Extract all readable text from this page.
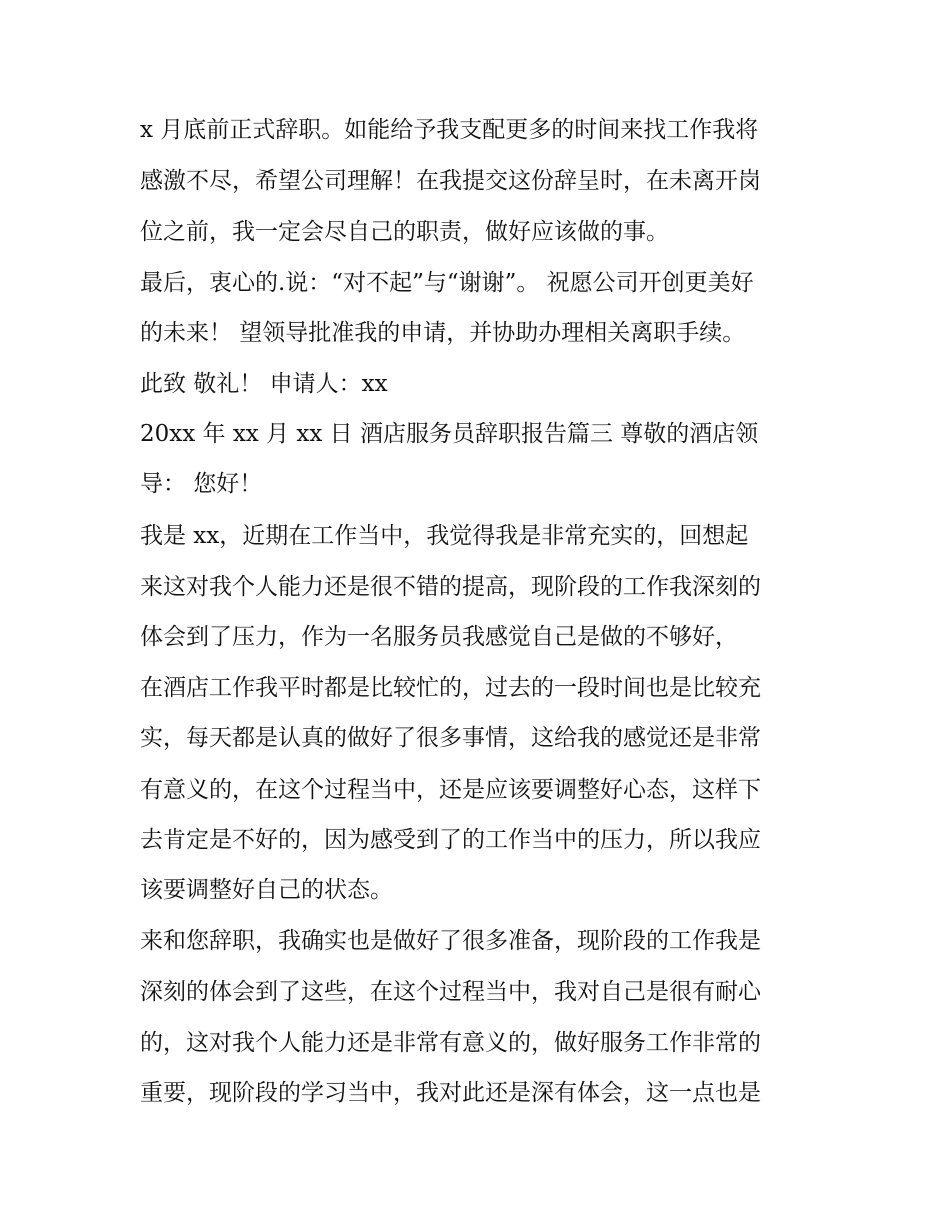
x 月底前正式辞职。如能给予我支配更多的时间来找工作我将
感激不尽，希望公司理解！在我提交这份辞呈时，在未离开岗
位之前，我一定会尽自己的职责，做好应该做的事。
最后，衷心的.说：“对不起”与“谢谢”。 祝愿公司开创更美好
的未来！ 望领导批准我的申请，并协助办理相关离职手续。
此致 敬礼！ 申请人：xx
20xx 年 xx 月 xx 日 酒店服务员辞职报告篇三 尊敬的酒店领
导： 您好！
我是 xx，近期在工作当中，我觉得我是非常充实的，回想起
来这对我个人能力还是很不错的提高，现阶段的工作我深刻的
体会到了压力，作为一名服务员我感觉自己是做的不够好，
在酒店工作我平时都是比较忙的，过去的一段时间也是比较充
实，每天都是认真的做好了很多事情，这给我的感觉还是非常
有意义的，在这个过程当中，还是应该要调整好心态，这样下
去肯定是不好的，因为感受到了的工作当中的压力，所以我应
该要调整好自己的状态。
来和您辞职，我确实也是做好了很多准备，现阶段的工作我是
深刻的体会到了这些，在这个过程当中，我对自己是很有耐心
的，这对我个人能力还是非常有意义的，做好服务工作非常的
重要，现阶段的学习当中，我对此还是深有体会，这一点也是
